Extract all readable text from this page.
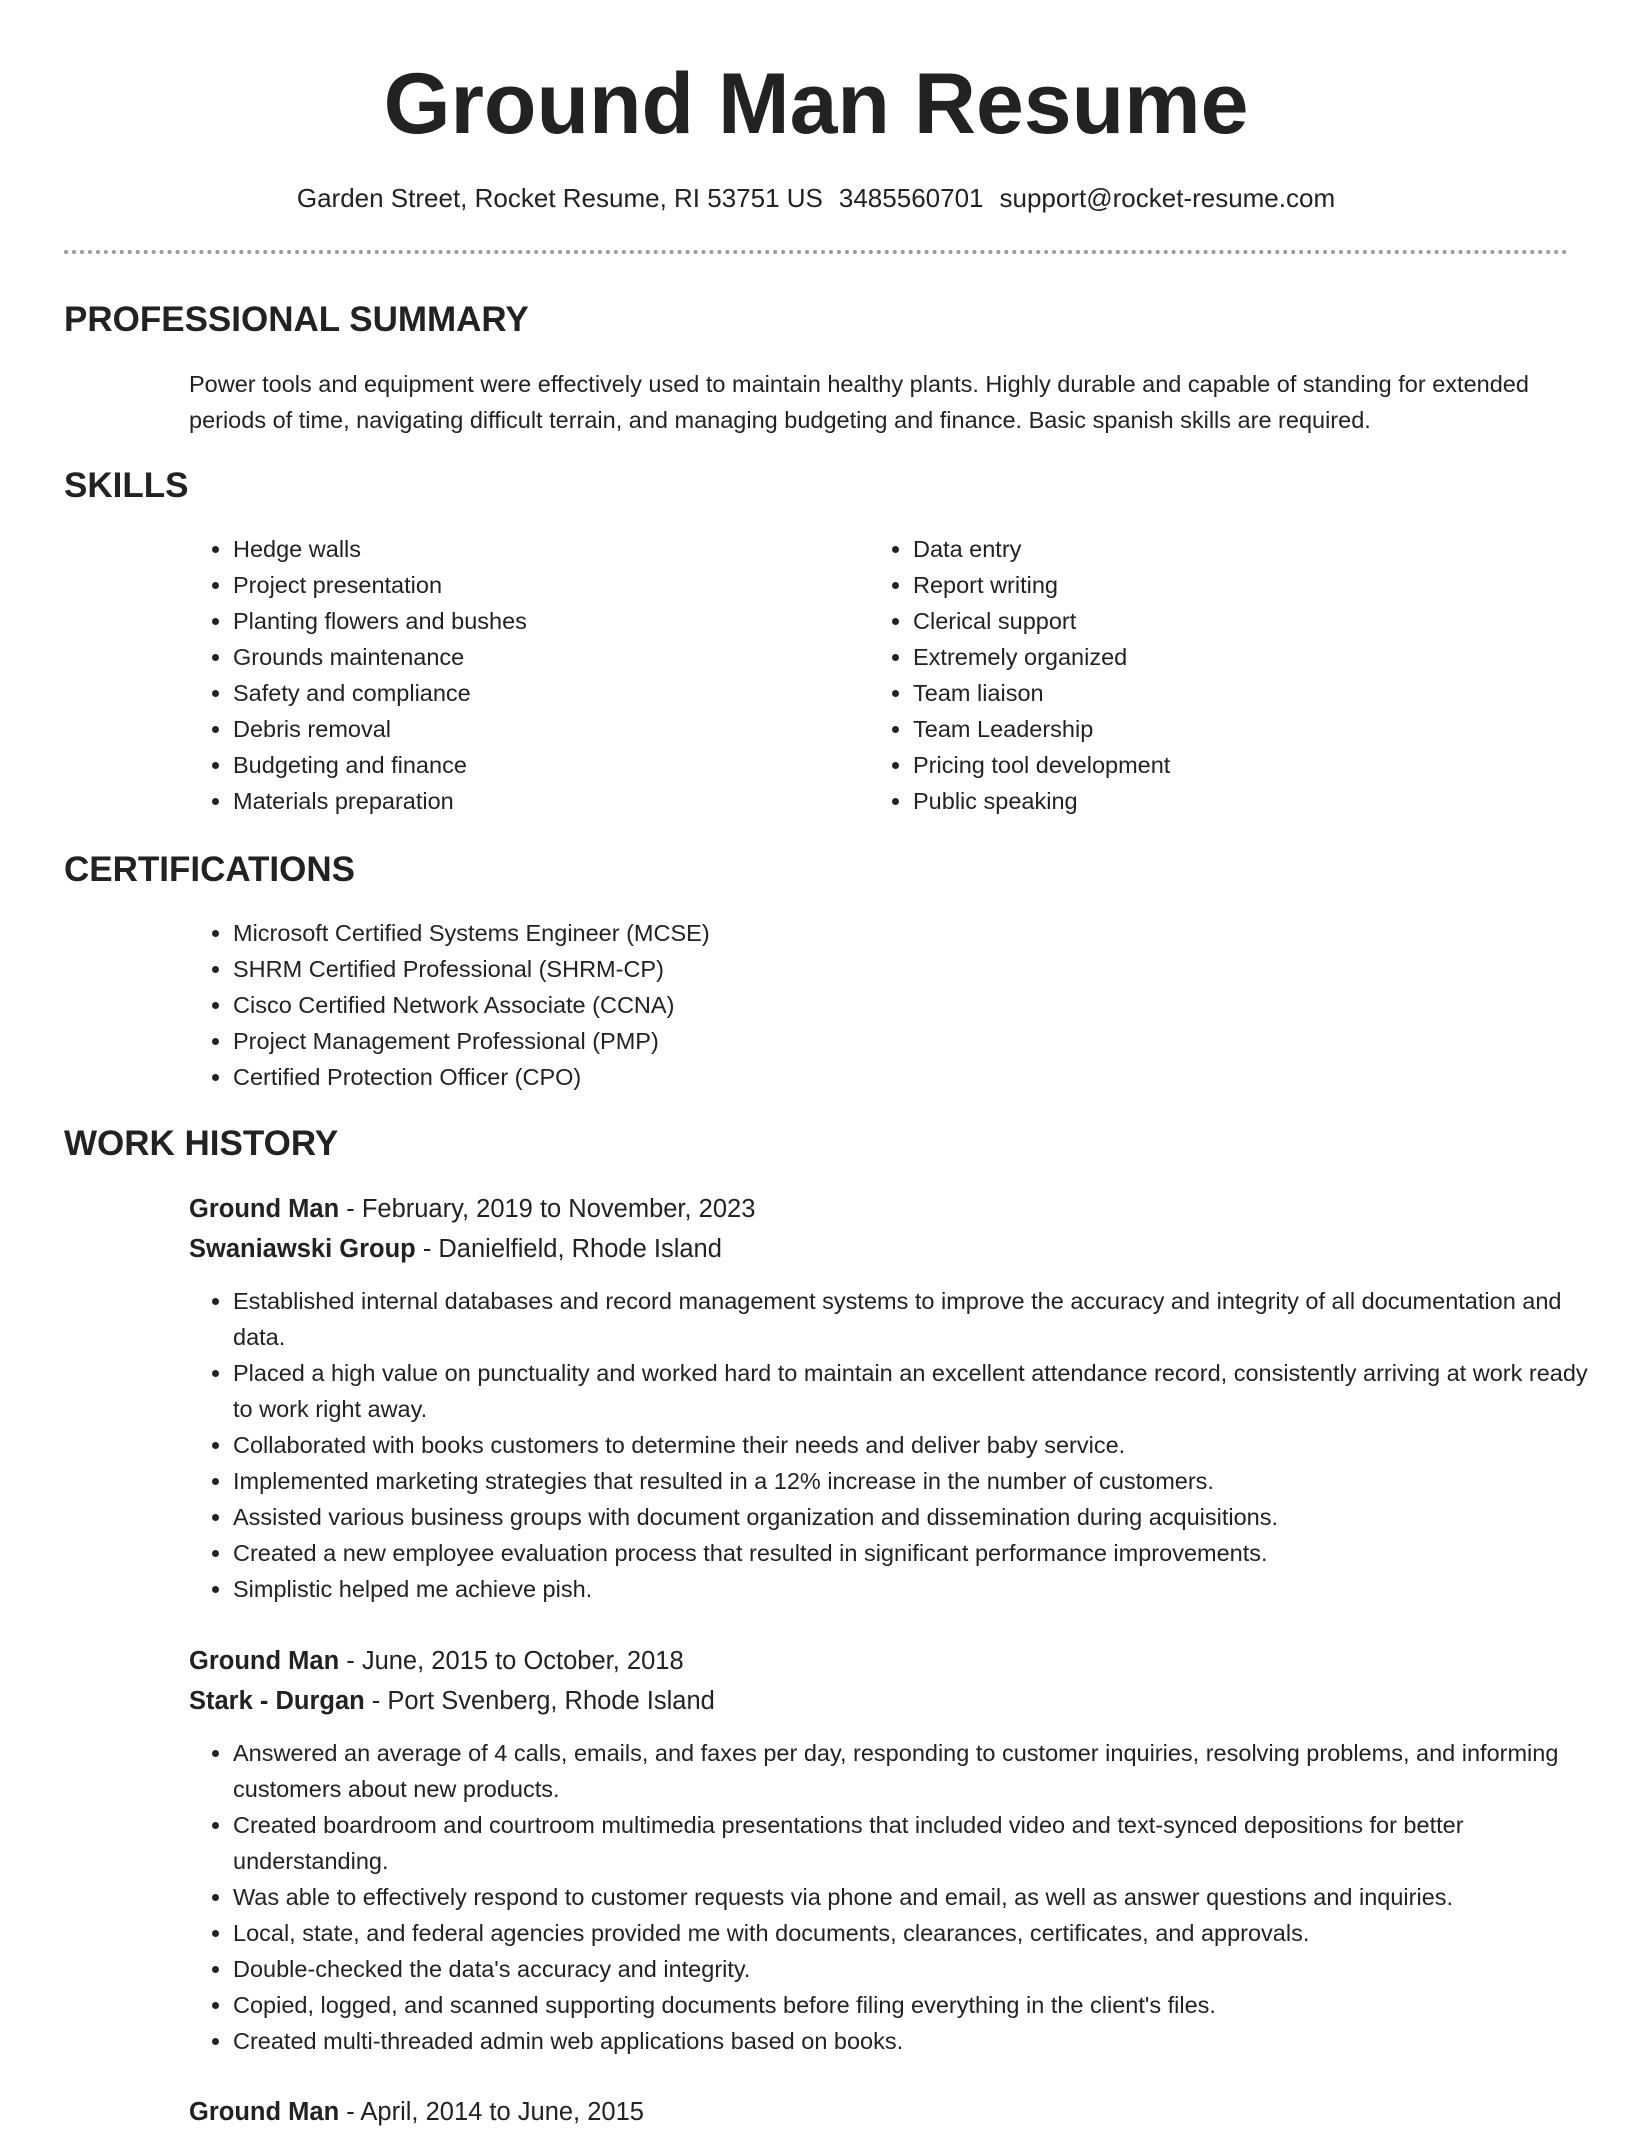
Ground Man Resume
Garden Street, Rocket Resume, RI 53751 US 3485560701 support@rocket-resume.com
PROFESSIONAL SUMMARY

Power tools and equipment were effectively used to maintain healthy plants. Highly durable and capable of standing for extended periods of time, navigating difficult terrain, and managing budgeting and finance. Basic spanish skills are required.

SKILLS
• Hedge walls
• Project presentation
• Planting flowers and bushes
• Grounds maintenance
• Safety and compliance
• Debris removal
• Budgeting and finance
• Materials preparation
• Data entry
• Report writing
• Clerical support
• Extremely organized
• Team liaison
• Team Leadership
• Pricing tool development
• Public speaking
CERTIFICATIONS
• Microsoft Certified Systems Engineer (MCSE)
• SHRM Certified Professional (SHRM-CP)
• Cisco Certified Network Associate (CCNA)
• Project Management Professional (PMP)
• Certified Protection Officer (CPO)
WORK HISTORY
Ground Man - February, 2019 to November, 2023
Swaniawski Group - Danielfield, Rhode Island
• Established internal databases and record management systems to improve the accuracy and integrity of all documentation and data.
• Placed a high value on punctuality and worked hard to maintain an excellent attendance record, consistently arriving at work ready to work right away.
• Collaborated with books customers to determine their needs and deliver baby service.
• Implemented marketing strategies that resulted in a 12% increase in the number of customers.
• Assisted various business groups with document organization and dissemination during acquisitions.
• Created a new employee evaluation process that resulted in significant performance improvements.
• Simplistic helped me achieve pish.
Ground Man - June, 2015 to October, 2018
Stark - Durgan - Port Svenberg, Rhode Island
• Answered an average of 4 calls, emails, and faxes per day, responding to customer inquiries, resolving problems, and informing customers about new products.
• Created boardroom and courtroom multimedia presentations that included video and text-synced depositions for better understanding.
• Was able to effectively respond to customer requests via phone and email, as well as answer questions and inquiries.
• Local, state, and federal agencies provided me with documents, clearances, certificates, and approvals.
• Double-checked the data's accuracy and integrity.
• Copied, logged, and scanned supporting documents before filing everything in the client's files.
• Created multi-threaded admin web applications based on books.
Ground Man - April, 2014 to June, 2015
